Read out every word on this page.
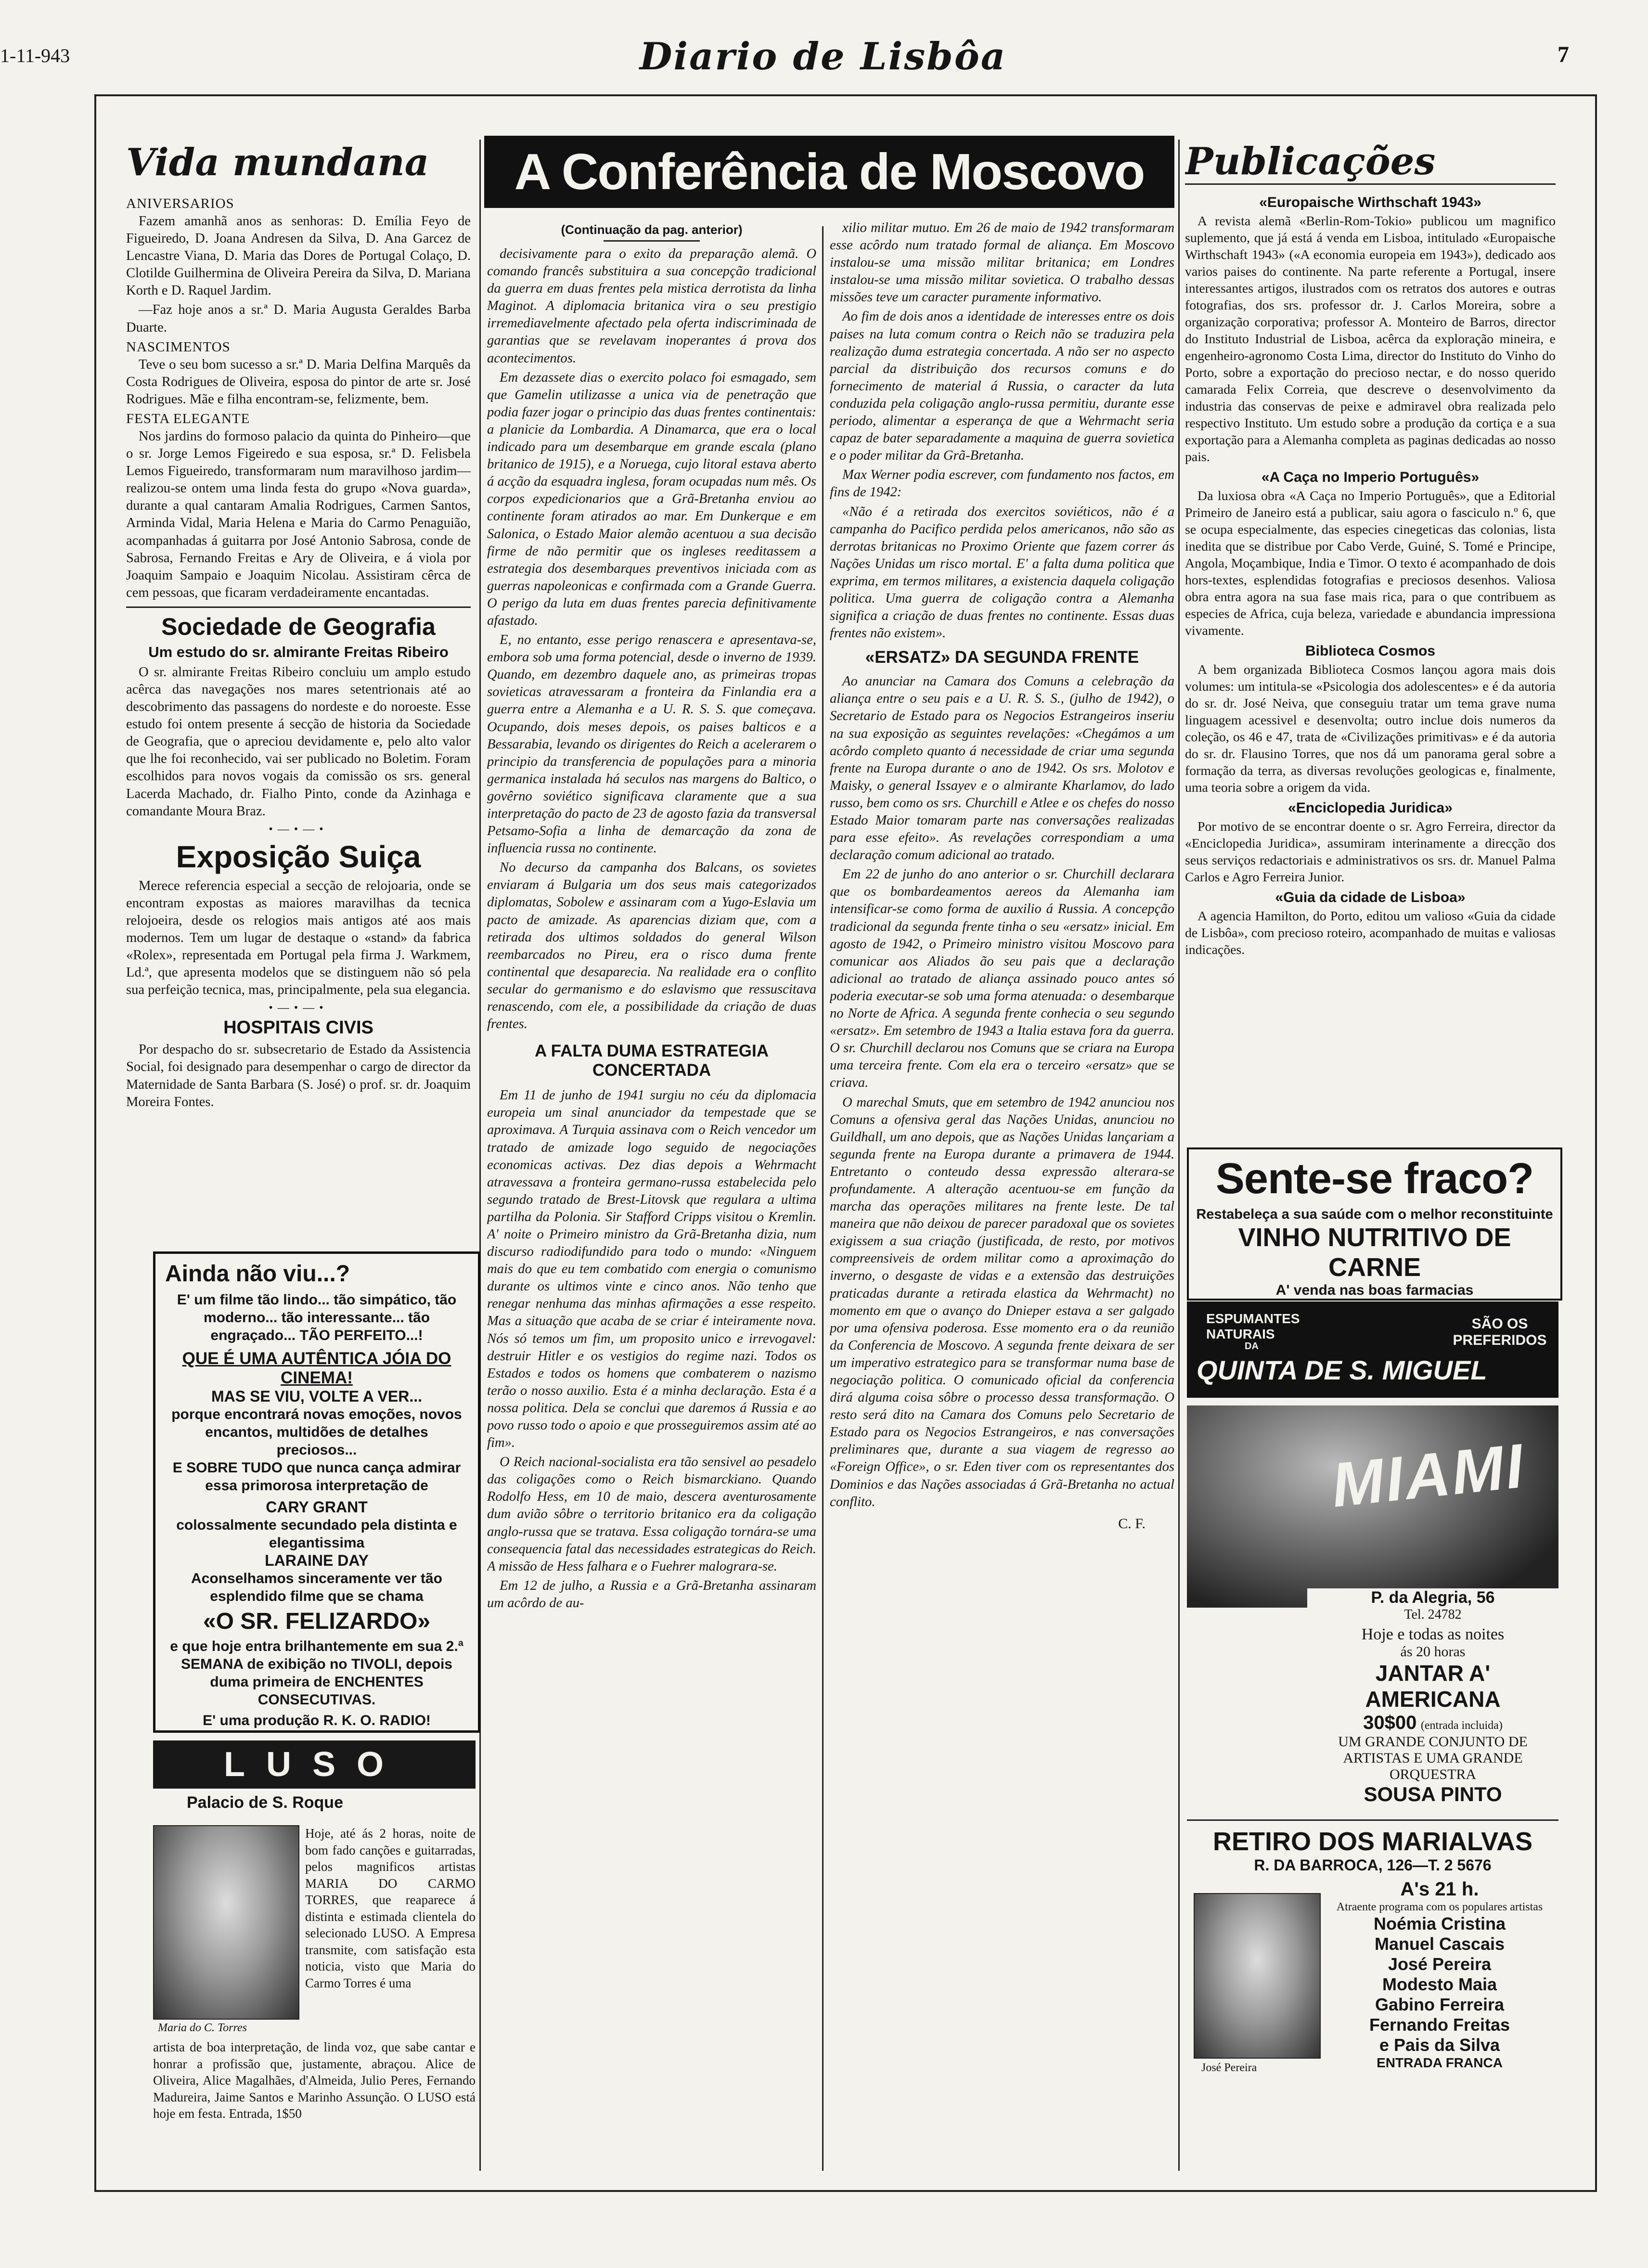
1-11-943	Diario de Lisbôa	7
Vida mundana
ANIVERSARIOS

Fazem amanhã anos as senhoras: D. Emília Feyo de Figueiredo, D. Joana Andresen da Silva, D. Ana Garcez de Lencastre Viana, D. Maria das Dores de Portugal Colaço, D. Clotilde Guilhermina de Oliveira Pereira da Silva, D. Mariana Korth e D. Raquel Jardim.

—Faz hoje anos a sr.ª D. Maria Augusta Geraldes Barba Duarte.

NASCIMENTOS

Teve o seu bom sucesso a sr.ª D. Maria Delfina Marquês da Costa Rodrigues de Oliveira, esposa do pintor de arte sr. José Rodrigues. Mãe e filha encontram-se, felizmente, bem.

FESTA ELEGANTE

Nos jardins do formoso palacio da quinta do Pinheiro—que o sr. Jorge Lemos Figeiredo e sua esposa, sr.ª D. Felisbela Lemos Figueiredo, transformaram num maravilhoso jardim—realizou-se ontem uma linda festa do grupo «Nova guarda», durante a qual cantaram Amalia Rodrigues, Carmen Santos, Arminda Vidal, Maria Helena e Maria do Carmo Penaguião, acompanhadas á guitarra por José Antonio Sabrosa, conde de Sabrosa, Fernando Freitas e Ary de Oliveira, e á viola por Joaquim Sampaio e Joaquim Nicolau. Assistiram cêrca de cem pessoas, que ficaram verdadeiramente encantadas.

Sociedade de Geografia
Um estudo do sr. almirante Freitas Ribeiro

O sr. almirante Freitas Ribeiro concluiu um amplo estudo acêrca das navegações nos mares setentrionais até ao descobrimento das passagens do nordeste e do noroeste. Esse estudo foi ontem presente á secção de historia da Sociedade de Geografia, que o apreciou devidamente e, pelo alto valor que lhe foi reconhecido, vai ser publicado no Boletim. Foram escolhidos para novos vogais da comissão os srs. general Lacerda Machado, dr. Fialho Pinto, conde da Azinhaga e comandante Moura Braz.

•—•—•
Exposição Suiça

Merece referencia especial a secção de relojoaria, onde se encontram expostas as maiores maravilhas da tecnica relojoeira, desde os relogios mais antigos até aos mais modernos. Tem um lugar de destaque o «stand» da fabrica «Rolex», representada em Portugal pela firma J. Warkmem, Ld.ª, que apresenta modelos que se distinguem não só pela sua perfeição tecnica, mas, principalmente, pela sua elegancia.

•—•—•
HOSPITAIS CIVIS

Por despacho do sr. subsecretario de Estado da Assistencia Social, foi designado para desempenhar o cargo de director da Maternidade de Santa Barbara (S. José) o prof. sr. dr. Joaquim Moreira Fontes.

Ainda não viu...?
E' um filme tão lindo... tão simpático, tão moderno... tão interessante... tão engraçado... TÃO PERFEITO...!
QUE É UMA AUTÊNTICA JÓIA DO CINEMA!
MAS SE VIU, VOLTE A VER...
porque encontrará novas emoções, novos encantos, multidões de detalhes preciosos...
E SOBRE TUDO que nunca cança admirar essa primorosa interpretação de
CARY GRANT
colossalmente secundado pela distinta e elegantissima
LARAINE DAY
Aconselhamos sinceramente ver tão esplendido filme que se chama
«O SR. FELIZARDO»
e que hoje entra brilhantemente em sua 2.ª SEMANA de exibição no TIVOLI, depois duma primeira de ENCHENTES CONSECUTIVAS.
E' uma produção R. K. O. RADIO!
LUSO
Palacio de S. Roque
Maria do C. Torres
Hoje, até ás 2 horas, noite de bom fado canções e guitarradas, pelos magnificos artistas MARIA DO CARMO TORRES, que reaparece á distinta e estimada clientela do selecionado LUSO. A Empresa transmite, com satisfação esta noticia, visto que Maria do Carmo Torres é uma
artista de boa interpretação, de linda voz, que sabe cantar e honrar a profissão que, justamente, abraçou. Alice de Oliveira, Alice Magalhães, d'Almeida, Julio Peres, Fernando Madureira, Jaime Santos e Marinho Assunção. O LUSO está hoje em festa. Entrada, 1$50
A Conferência de Moscovo
(Continuação da pag. anterior)

decisivamente para o exito da preparação alemã. O comando francês substituira a sua concepção tradicional da guerra em duas frentes pela mistica derrotista da linha Maginot. A diplomacia britanica vira o seu prestigio irremediavelmente afectado pela oferta indiscriminada de garantias que se revelavam inoperantes á prova dos acontecimentos.

Em dezassete dias o exercito polaco foi esmagado, sem que Gamelin utilizasse a unica via de penetração que podia fazer jogar o principio das duas frentes continentais: a planicie da Lombardia. A Dinamarca, que era o local indicado para um desembarque em grande escala (plano britanico de 1915), e a Noruega, cujo litoral estava aberto á acção da esquadra inglesa, foram ocupadas num mês. Os corpos expedicionarios que a Grã-Bretanha enviou ao continente foram atirados ao mar. Em Dunkerque e em Salonica, o Estado Maior alemão acentuou a sua decisão firme de não permitir que os ingleses reeditassem a estrategia dos desembarques preventivos iniciada com as guerras napoleonicas e confirmada com a Grande Guerra. O perigo da luta em duas frentes parecia definitivamente afastado.

E, no entanto, esse perigo renascera e apresentava-se, embora sob uma forma potencial, desde o inverno de 1939. Quando, em dezembro daquele ano, as primeiras tropas sovieticas atravessaram a fronteira da Finlandia era a guerra entre a Alemanha e a U. R. S. S. que começava. Ocupando, dois meses depois, os paises balticos e a Bessarabia, levando os dirigentes do Reich a acelerarem o principio da transferencia de populações para a minoria germanica instalada há seculos nas margens do Baltico, o govêrno soviético significava claramente que a sua interpretação do pacto de 23 de agosto fazia da transversal Petsamo-Sofia a linha de demarcação da zona de influencia russa no continente.

No decurso da campanha dos Balcans, os sovietes enviaram á Bulgaria um dos seus mais categorizados diplomatas, Sobolew e assinaram com a Yugo-Eslavia um pacto de amizade. As aparencias diziam que, com a retirada dos ultimos soldados do general Wilson reembarcados no Pireu, era o risco duma frente continental que desaparecia. Na realidade era o conflito secular do germanismo e do eslavismo que ressuscitava renascendo, com ele, a possibilidade da criação de duas frentes.

A FALTA DUMA ESTRATEGIA CONCERTADA

Em 11 de junho de 1941 surgiu no céu da diplomacia europeia um sinal anunciador da tempestade que se aproximava. A Turquia assinava com o Reich vencedor um tratado de amizade logo seguido de negociações economicas activas. Dez dias depois a Wehrmacht atravessava a fronteira germano-russa estabelecida pelo segundo tratado de Brest-Litovsk que regulara a ultima partilha da Polonia. Sir Stafford Cripps visitou o Kremlin. A' noite o Primeiro ministro da Grã-Bretanha dizia, num discurso radiodifundido para todo o mundo: «Ninguem mais do que eu tem combatido com energia o comunismo durante os ultimos vinte e cinco anos. Não tenho que renegar nenhuma das minhas afirmações a esse respeito. Mas a situação que acaba de se criar é inteiramente nova. Nós só temos um fim, um proposito unico e irrevogavel: destruir Hitler e os vestigios do regime nazi. Todos os Estados e todos os homens que combaterem o nazismo terão o nosso auxilio. Esta é a minha declaração. Esta é a nossa politica. Dela se conclui que daremos á Russia e ao povo russo todo o apoio e que prosseguiremos assim até ao fim».

O Reich nacional-socialista era tão sensivel ao pesadelo das coligações como o Reich bismarckiano. Quando Rodolfo Hess, em 10 de maio, descera aventurosamente dum avião sôbre o territorio britanico era da coligação anglo-russa que se tratava. Essa coligação tornára-se uma consequencia fatal das necessidades estrategicas do Reich. A missão de Hess falhara e o Fuehrer malograra-se.

Em 12 de julho, a Russia e a Grã-Bretanha assinaram um acôrdo de au-

xilio militar mutuo. Em 26 de maio de 1942 transformaram esse acôrdo num tratado formal de aliança. Em Moscovo instalou-se uma missão militar britanica; em Londres instalou-se uma missão militar sovietica. O trabalho dessas missões teve um caracter puramente informativo.

Ao fim de dois anos a identidade de interesses entre os dois paises na luta comum contra o Reich não se traduzira pela realização duma estrategia concertada. A não ser no aspecto parcial da distribuição dos recursos comuns e do fornecimento de material á Russia, o caracter da luta conduzida pela coligação anglo-russa permitiu, durante esse periodo, alimentar a esperança de que a Wehrmacht seria capaz de bater separadamente a maquina de guerra sovietica e o poder militar da Grã-Bretanha.

Max Werner podia escrever, com fundamento nos factos, em fins de 1942:

«Não é a retirada dos exercitos soviéticos, não é a campanha do Pacifico perdida pelos americanos, não são as derrotas britanicas no Proximo Oriente que fazem correr ás Nações Unidas um risco mortal. E' a falta duma politica que exprima, em termos militares, a existencia daquela coligação politica. Uma guerra de coligação contra a Alemanha significa a criação de duas frentes no continente. Essas duas frentes não existem».

«ERSATZ» DA SEGUNDA FRENTE

Ao anunciar na Camara dos Comuns a celebração da aliança entre o seu pais e a U. R. S. S., (julho de 1942), o Secretario de Estado para os Negocios Estrangeiros inseriu na sua exposição as seguintes revelações: «Chegámos a um acôrdo completo quanto á necessidade de criar uma segunda frente na Europa durante o ano de 1942. Os srs. Molotov e Maisky, o general Issayev e o almirante Kharlamov, do lado russo, bem como os srs. Churchill e Atlee e os chefes do nosso Estado Maior tomaram parte nas conversações realizadas para esse efeito». As revelações correspondiam a uma declaração comum adicional ao tratado.

Em 22 de junho do ano anterior o sr. Churchill declarara que os bombardeamentos aereos da Alemanha iam intensificar-se como forma de auxilio á Russia. A concepção tradicional da segunda frente tinha o seu «ersatz» inicial. Em agosto de 1942, o Primeiro ministro visitou Moscovo para comunicar aos Aliados ão seu pais que a declaração adicional ao tratado de aliança assinado pouco antes só poderia executar-se sob uma forma atenuada: o desembarque no Norte de Africa. A segunda frente conhecia o seu segundo «ersatz». Em setembro de 1943 a Italia estava fora da guerra. O sr. Churchill declarou nos Comuns que se criara na Europa uma terceira frente. Com ela era o terceiro «ersatz» que se criava.

O marechal Smuts, que em setembro de 1942 anunciou nos Comuns a ofensiva geral das Nações Unidas, anunciou no Guildhall, um ano depois, que as Nações Unidas lançariam a segunda frente na Europa durante a primavera de 1944. Entretanto o conteudo dessa expressão alterara-se profundamente. A alteração acentuou-se em função da marcha das operações militares na frente leste. De tal maneira que não deixou de parecer paradoxal que os sovietes exigissem a sua criação (justificada, de resto, por motivos compreensiveis de ordem militar como a aproximação do inverno, o desgaste de vidas e a extensão das destruições praticadas durante a retirada elastica da Wehrmacht) no momento em que o avanço do Dnieper estava a ser galgado por uma ofensiva poderosa. Esse momento era o da reunião da Conferencia de Moscovo. A segunda frente deixara de ser um imperativo estrategico para se transformar numa base de negociação politica. O comunicado oficial da conferencia dirá alguma coisa sôbre o processo dessa transformação. O resto será dito na Camara dos Comuns pelo Secretario de Estado para os Negocios Estrangeiros, e nas conversações preliminares que, durante a sua viagem de regresso ao «Foreign Office», o sr. Eden tiver com os representantes dos Dominios e das Nações associadas á Grã-Bretanha no actual conflito.

C. F.
Publicações
«Europaische Wirthschaft 1943»

A revista alemã «Berlin-Rom-Tokio» publicou um magnifico suplemento, que já está á venda em Lisboa, intitulado «Europaische Wirthschaft 1943» («A economia europeia em 1943»), dedicado aos varios paises do continente. Na parte referente a Portugal, insere interessantes artigos, ilustrados com os retratos dos autores e outras fotografias, dos srs. professor dr. J. Carlos Moreira, sobre a organização corporativa; professor A. Monteiro de Barros, director do Instituto Industrial de Lisboa, acêrca da exploração mineira, e engenheiro-agronomo Costa Lima, director do Instituto do Vinho do Porto, sobre a exportação do precioso nectar, e do nosso querido camarada Felix Correia, que descreve o desenvolvimento da industria das conservas de peixe e admiravel obra realizada pelo respectivo Instituto. Um estudo sobre a produção da cortiça e a sua exportação para a Alemanha completa as paginas dedicadas ao nosso pais.

«A Caça no Imperio Português»

Da luxiosa obra «A Caça no Imperio Português», que a Editorial Primeiro de Janeiro está a publicar, saiu agora o fasciculo n.º 6, que se ocupa especialmente, das especies cinegeticas das colonias, lista inedita que se distribue por Cabo Verde, Guiné, S. Tomé e Principe, Angola, Moçambique, India e Timor. O texto é acompanhado de dois hors-textes, esplendidas fotografias e preciosos desenhos. Valiosa obra entra agora na sua fase mais rica, para o que contribuem as especies de Africa, cuja beleza, variedade e abundancia impressiona vivamente.

Biblioteca Cosmos

A bem organizada Biblioteca Cosmos lançou agora mais dois volumes: um intitula-se «Psicologia dos adolescentes» e é da autoria do sr. dr. José Neiva, que conseguiu tratar um tema grave numa linguagem acessivel e desenvolta; outro inclue dois numeros da coleção, os 46 e 47, trata de «Civilizações primitivas» e é da autoria do sr. dr. Flausino Torres, que nos dá um panorama geral sobre a formação da terra, as diversas revoluções geologicas e, finalmente, uma teoria sobre a origem da vida.

«Enciclopedia Juridica»

Por motivo de se encontrar doente o sr. Agro Ferreira, director da «Enciclopedia Juridica», assumiram interinamente a direcção dos seus serviços redactoriais e administrativos os srs. dr. Manuel Palma Carlos e Agro Ferreira Junior.

«Guia da cidade de Lisboa»

A agencia Hamilton, do Porto, editou um valioso «Guia da cidade de Lisbôa», com precioso roteiro, acompanhado de muitas e valiosas indicações.

Sente-se fraco?
Restabeleça a sua saúde com o melhor reconstituinte
VINHO NUTRITIVO DE CARNE
A' venda nas boas farmacias
ESPUMANTES NATURAIS
DA
QUINTA DE S. MIGUEL
SÃO OS PREFERIDOS
MIAMI
P. da Alegria, 56
Tel. 24782
Hoje e todas as noites
ás 20 horas
JANTAR A' AMERICANA
30$00 (entrada incluida)
UM GRANDE CONJUNTO DE ARTISTAS E UMA GRANDE ORQUESTRA
SOUSA PINTO
RETIRO DOS MARIALVAS
R. DA BARROCA, 126—T. 2 5676
José Pereira
A's 21 h.
Atraente programa com os populares artistas
Noémia Cristina
Manuel Cascais
José Pereira
Modesto Maia
Gabino Ferreira
Fernando Freitas
e Pais da Silva
ENTRADA FRANCA
